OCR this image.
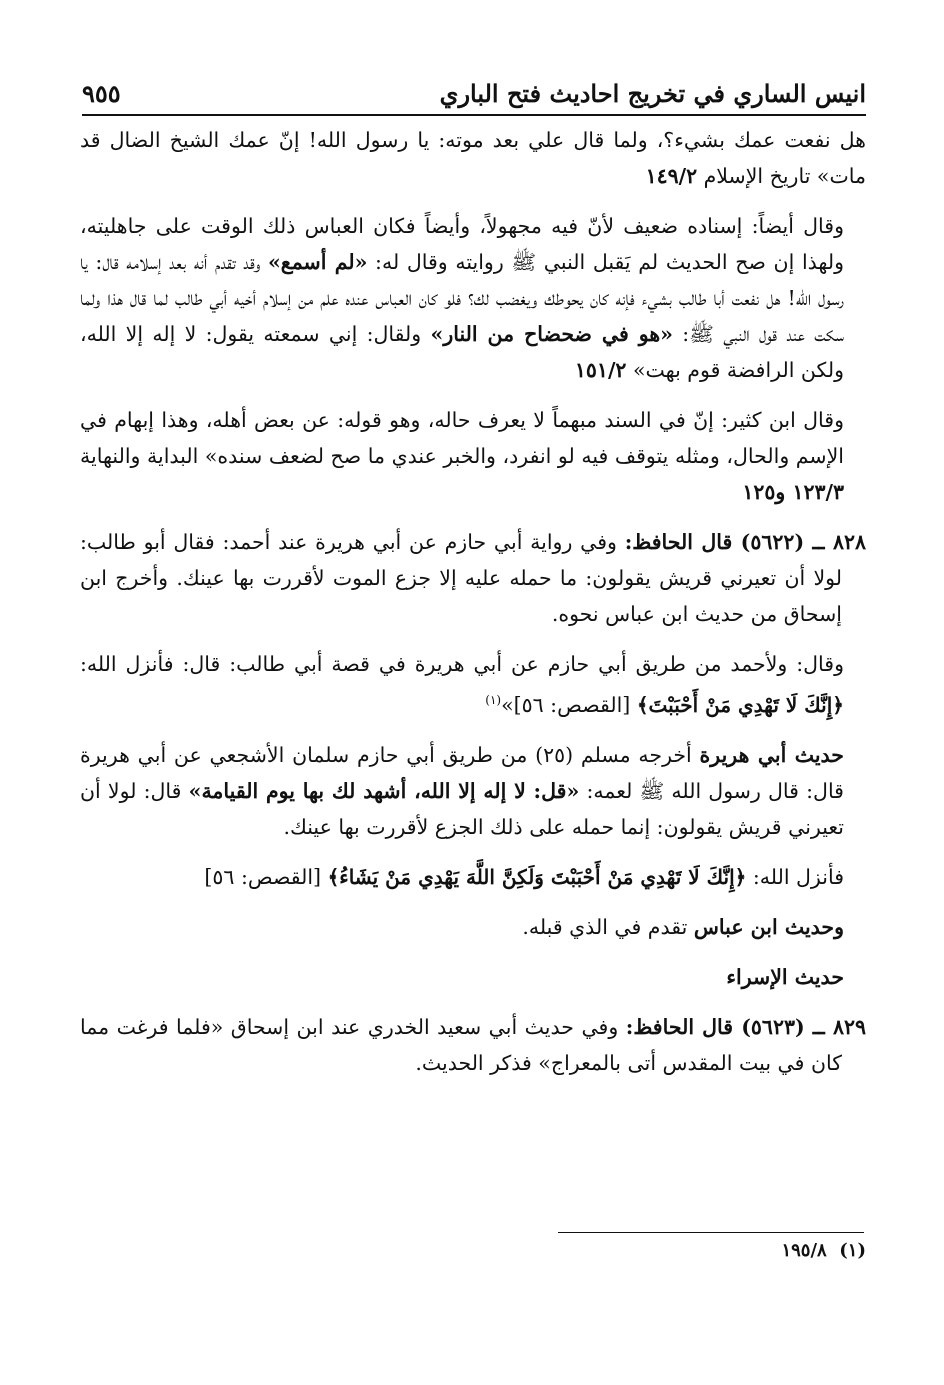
انيس الساري في تخريج احاديث فتح الباري
٩٥٥

هل نفعت عمك بشيء؟، ولما قال علي بعد موته: يا رسول الله! إنّ عمك الشيخ الضال قد مات» تاريخ الإسلام ١٤٩/٢

وقال أيضاً: إسناده ضعيف لأنّ فيه مجهولاً، وأيضاً فكان العباس ذلك الوقت على جاهليته، ولهذا إن صح الحديث لم يَقبل النبي ﷺ روايته وقال له: «لم أسمع» وقد تقدم أنه بعد إسلامه قال: يا رسول الله! هل نفعت أبا طالب بشيء فإنه كان يحوطك ويغضب لك؟ فلو كان العباس عنده علم من إسلام أخيه أبي طالب لما قال هذا ولما سكت عند قول النبي ﷺ: «هو في ضحضاح من النار» ولقال: إني سمعته يقول: لا إله إلا الله، ولكن الرافضة قوم بهت» ١٥١/٢

وقال ابن كثير: إنّ في السند مبهماً لا يعرف حاله، وهو قوله: عن بعض أهله، وهذا إبهام في الإسم والحال، ومثله يتوقف فيه لو انفرد، والخبر عندي ما صح لضعف سنده» البداية والنهاية ١٢٣/٣ و١٢٥

٨٢٨ ــ (٥٦٢٢) قال الحافظ: وفي رواية أبي حازم عن أبي هريرة عند أحمد: فقال أبو طالب: لولا أن تعيرني قريش يقولون: ما حمله عليه إلا جزع الموت لأقررت بها عينك. وأخرج ابن إسحاق من حديث ابن عباس نحوه.

وقال: ولأحمد من طريق أبي حازم عن أبي هريرة في قصة أبي طالب: قال: فأنزل الله: ﴿إِنَّكَ لَا تَهْدِي مَنْ أَحْبَبْتَ﴾ [القصص: ٥٦]»$^{(١)}$

حديث أبي هريرة أخرجه مسلم (٢٥) من طريق أبي حازم سلمان الأشجعي عن أبي هريرة قال: قال رسول الله ﷺ لعمه: «قل: لا إله إلا الله، أشهد لك بها يوم القيامة» قال: لولا أن تعيرني قريش يقولون: إنما حمله على ذلك الجزع لأقررت بها عينك.

فأنزل الله: ﴿إِنَّكَ لَا تَهْدِي مَنْ أَحْبَبْتَ وَلَكِنَّ اللَّهَ يَهْدِي مَنْ يَشَاءُ﴾ [القصص: ٥٦]

وحديث ابن عباس تقدم في الذي قبله.

حديث الإسراء

٨٢٩ ــ (٥٦٢٣) قال الحافظ: وفي حديث أبي سعيد الخدري عند ابن إسحاق «فلما فرغت مما كان في بيت المقدس أتى بالمعراج» فذكر الحديث.

(١)  ١٩٥/٨
